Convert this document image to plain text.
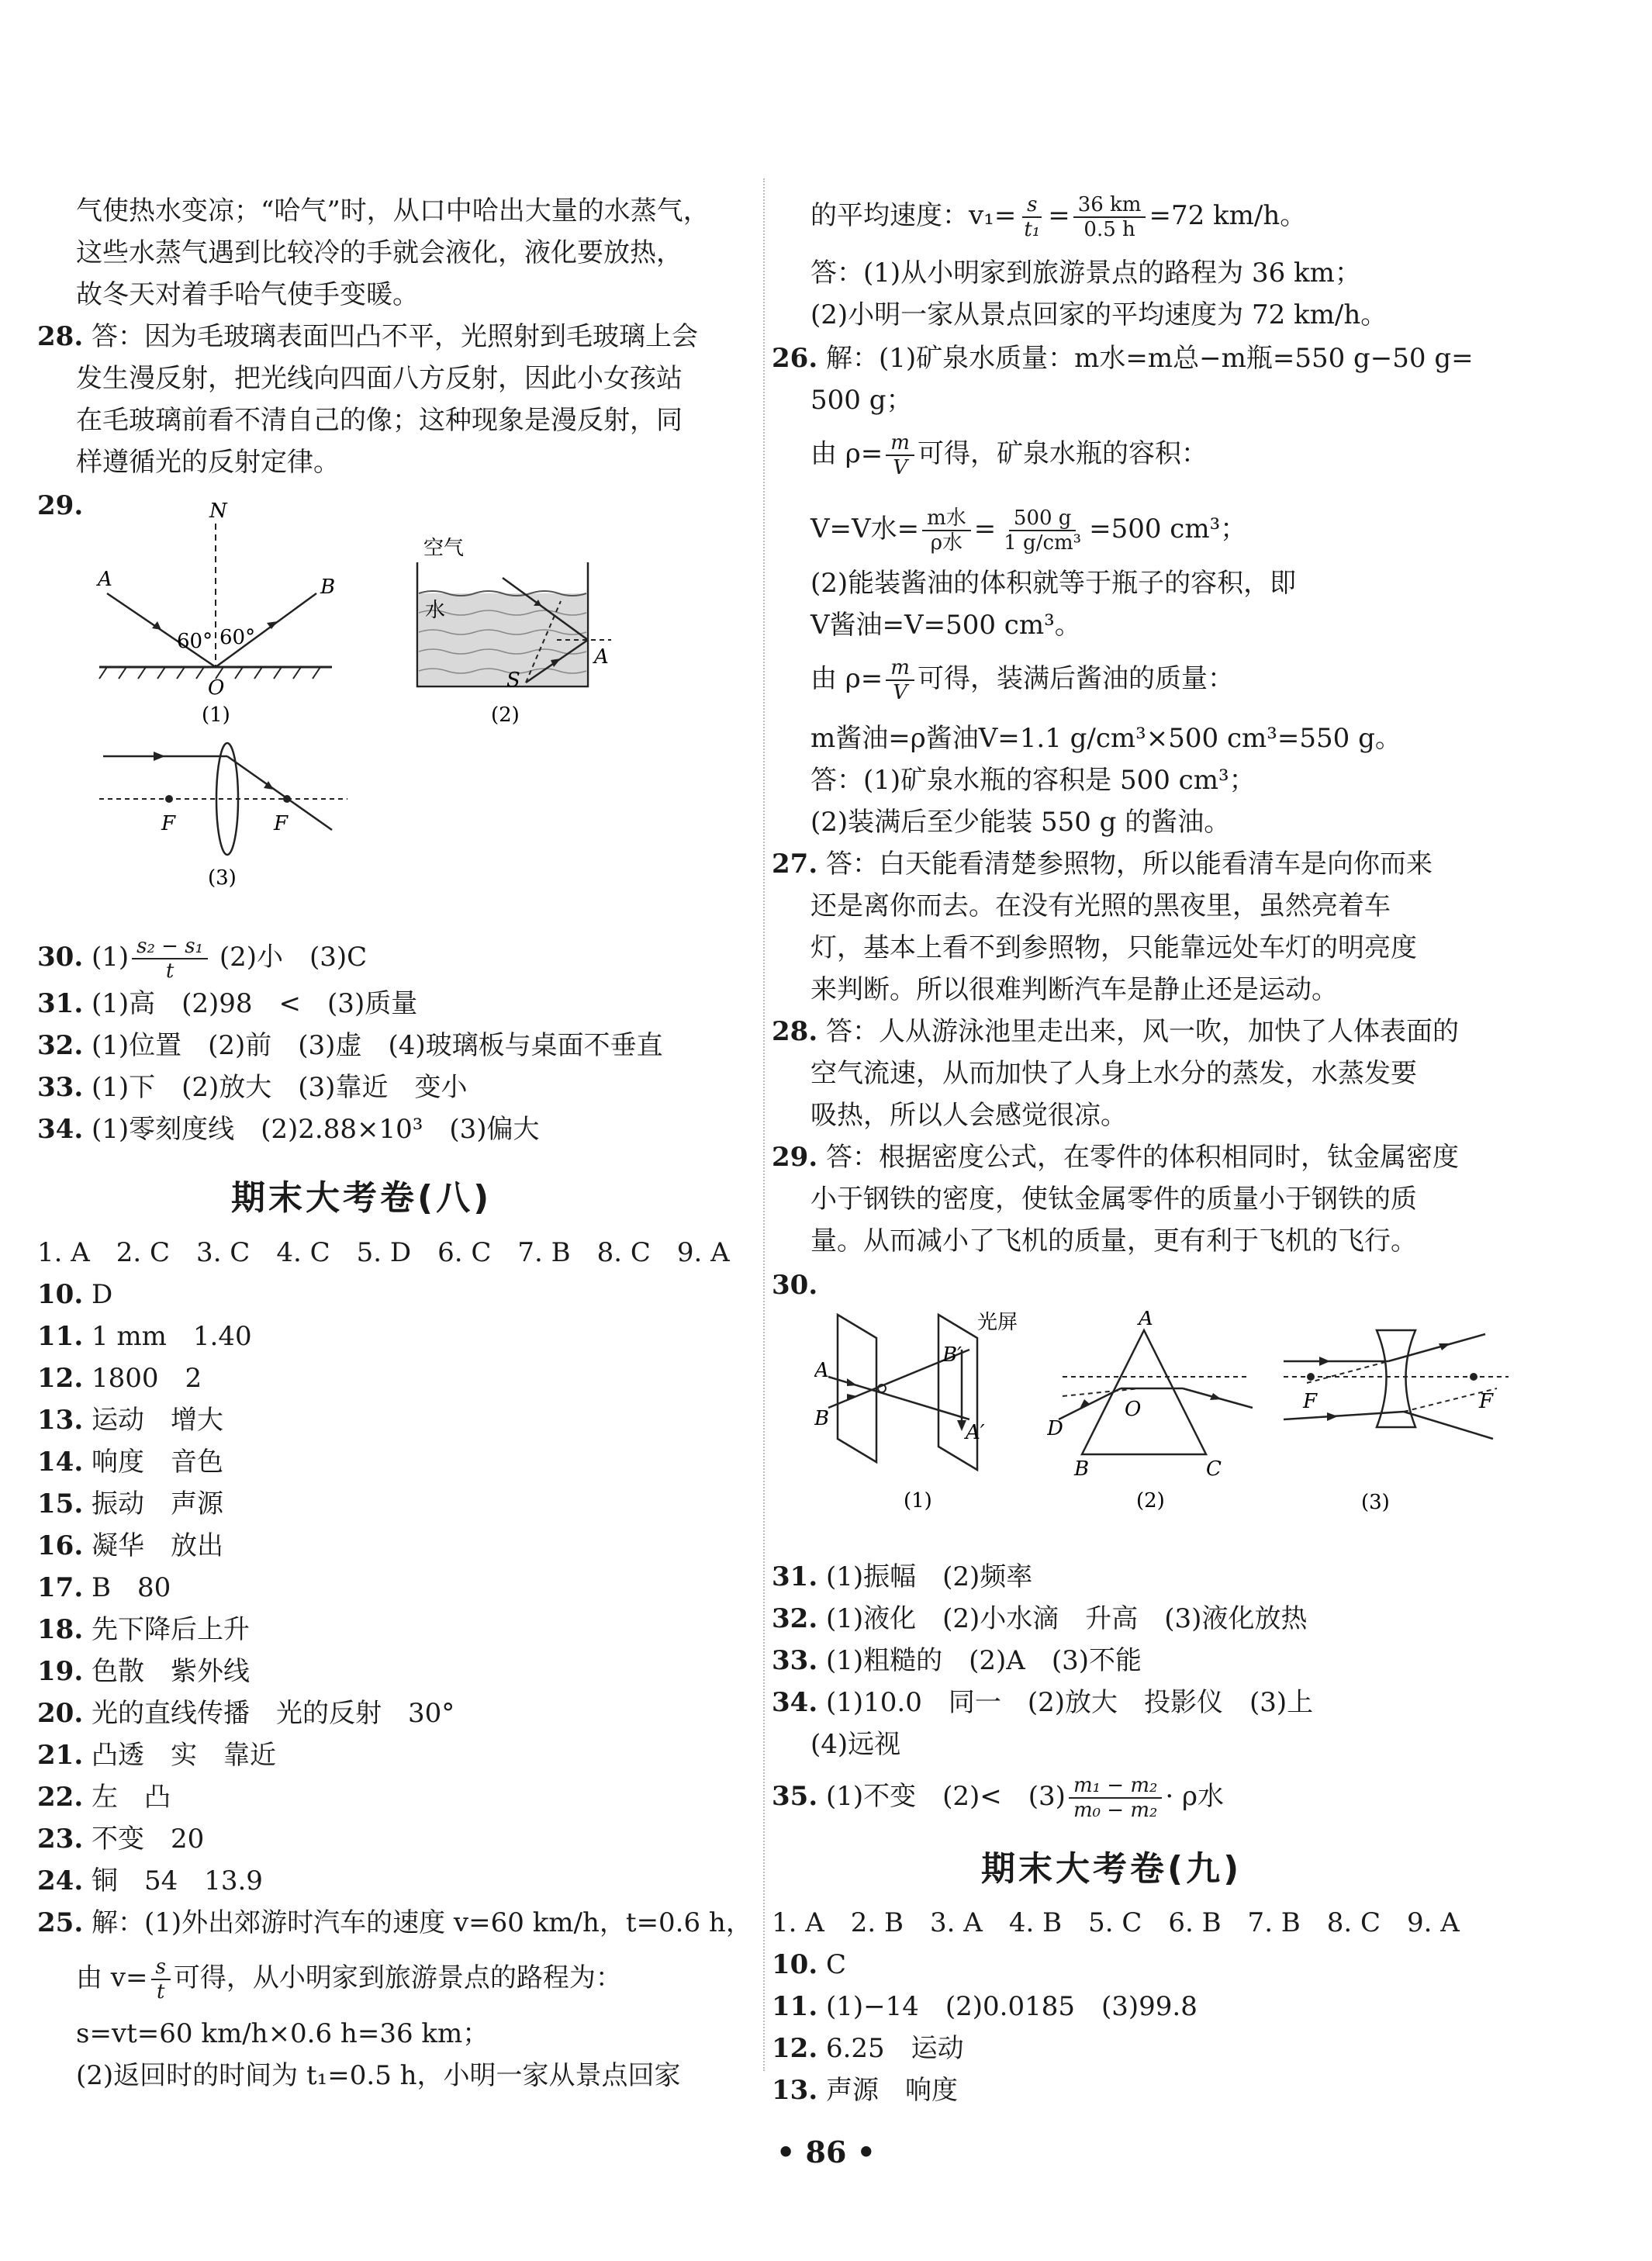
气使热水变凉；“哈气”时，从口中哈出大量的水蒸气，
这些水蒸气遇到比较冷的手就会液化，液化要放热，
故冬天对着手哈气使手变暖。
28. 答：因为毛玻璃表面凹凸不平，光照射到毛玻璃上会
发生漫反射，把光线向四面八方反射，因此小女孩站
在毛玻璃前看不清自己的像；这种现象是漫反射，同
样遵循光的反射定律。
29.	N
A	B
60° 60°
O
(1)
空气
水
A
S
(2)
F	F
(3)
30. $(1) \frac{\text{s₂ − s₁}}{t} (2)$小　(3)C
31. (1)高　(2)98　<　(3)质量
32. (1)位置　(2)前　(3)虚　(4)玻璃板与桌面不垂直
33. (1)下　(2)放大　(3)靠近　变小
34. (1)零刻度线　(2)2.88×10³　(3)偏大
期末大考卷(八)
1. A　2. C　3. C　4. C　5. D　6. C　7. B　8. C　9. A
10. D
11. 1 mm　1.40
12. 1800　2
13. 运动　增大
14. 响度　音色
15. 振动　声源
16. 凝华　放出
17. B　80
18. 先下降后上升
19. 色散　紫外线
20. 光的直线传播　光的反射　30°
21. 凸透　实　靠近
22. 左　凸
23. 不变　20
24. 铜　54　13.9
25. 解：(1)外出郊游时汽车的速度 v=60 km/h，t=0.6 h，
由 $v= \frac{s}{t}$ 可得，从小明家到旅游景点的路程为：
s=vt=60 km/h×0.6 h=36 km；
(2)返回时的时间为 t₁=0.5 h，小明一家从景点回家
的平均速度：$v_1= \frac{s}{\text{t₁}} = \frac{36 km}{0.5 h} =72$ km/h。
答：(1)从小明家到旅游景点的路程为 36 km；
(2)小明一家从景点回家的平均速度为 72 km/h。
26. 解：(1)矿泉水质量：m水=m总−m瓶=550 g−50 g=
500 g；
由 $\rho= \frac{m}{V}$ 可得，矿泉水瓶的容积：
V=V水= $\frac{\text{m水}}{\text{ρ水}} = \frac{500 g}{\text{1 g/cm³}} =500$ cm³；
(2)能装酱油的体积就等于瓶子的容积，即
V酱油=V=500 cm³。
由 $\rho= \frac{m}{V}$ 可得，装满后酱油的质量：
m酱油=ρ酱油V=1.1 g/cm³×500 cm³=550 g。
答：(1)矿泉水瓶的容积是 500 cm³；
(2)装满后至少能装 550 g 的酱油。
27. 答：白天能看清楚参照物，所以能看清车是向你而来
还是离你而去。在没有光照的黑夜里，虽然亮着车
灯，基本上看不到参照物，只能靠远处车灯的明亮度
来判断。所以很难判断汽车是静止还是运动。
28. 答：人从游泳池里走出来，风一吹，加快了人体表面的
空气流速，从而加快了人身上水分的蒸发，水蒸发要
吸热，所以人会感觉很凉。
29. 答：根据密度公式，在零件的体积相同时，钛金属密度
小于钢铁的密度，使钛金属零件的质量小于钢铁的质
量。从而减小了飞机的质量，更有利于飞机的飞行。
30.
光屏
A
B
B′
A′
(1)
A
B	C
D
O
(2)
F	F
(3)
31. (1)振幅　(2)频率
32. (1)液化　(2)小水滴　升高　(3)液化放热
33. (1)粗糙的　(2)A　(3)不能
34. (1)10.0　同一　(2)放大　投影仪　(3)上
(4)远视
35. (1)不变　(2)<　$(3) \frac{\text{m₁ − m₂}}{\text{m₀ − m₂}} \cdot \rho$水
期末大考卷(九)
1. A　2. B　3. A　4. B　5. C　6. B　7. B　8. C　9. A
10. C
11. (1)−14　(2)0.0185　(3)99.8
12. 6.25　运动
13. 声源　响度
• 86 •
